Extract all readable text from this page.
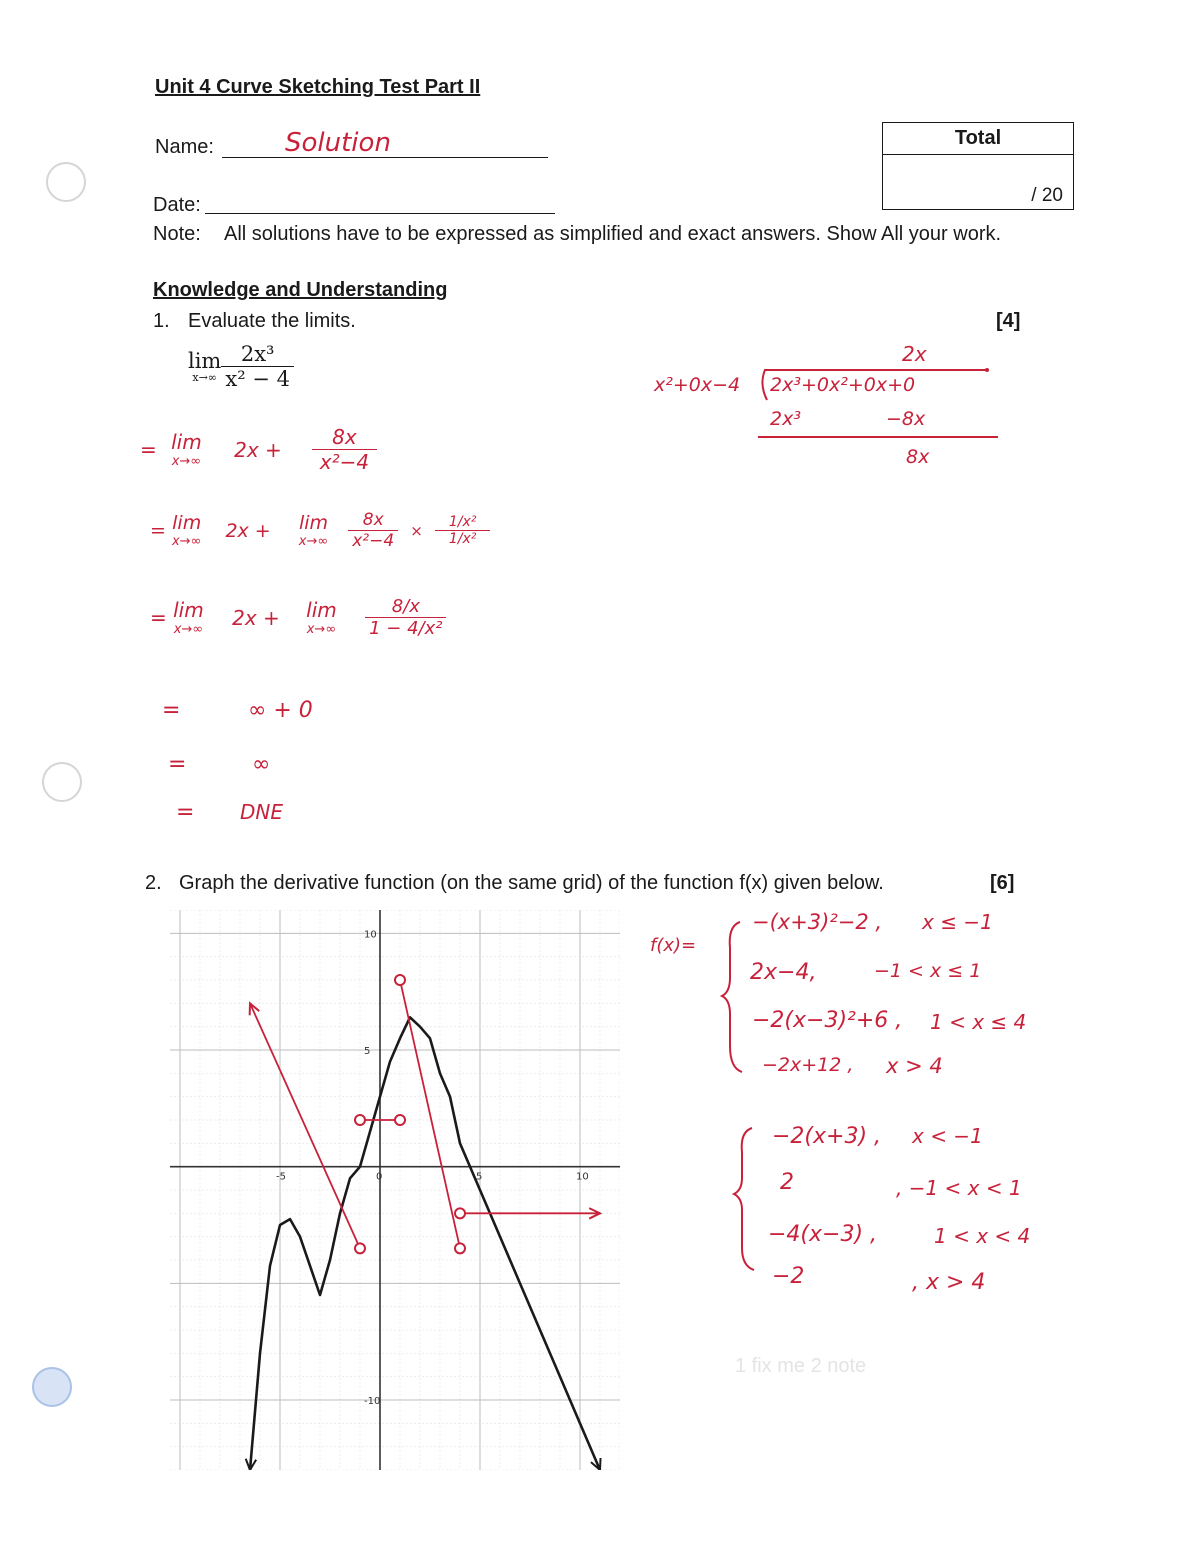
Unit 4 Curve Sketching Test Part II
Name:	Solution
Date:
Note: All solutions have to be expressed as simplified and exact answers. Show All your work.
Total
/ 20
Knowledge and Understanding
1. Evaluate the limits.	[4]
lim
$x\to\infty \frac{\text{2x³}}{\text{x² − 4}}$
= lim
x→∞ $2x + \frac{8x}{\text{x²−4}}$
= lim
x→∞ 2x + lim
x→∞
$\frac{8x}{\text{x²−4}} \times \frac{\text{1/x²}}{\text{1/x²}}$
= lim
x→∞ 2x + lim
x→∞
$\frac{8/x}{\text{1 − 4/x²}}$
=	∞ + 0
=	∞
= DNE
2x
x²+0x−4 2x³+0x²+0x+0
2x³	−8x
8x
2. Graph the derivative function (on the same grid) of the function f(x) given below.	[6]
f(x)=
−(x+3)²−2 , x ≤ −1
2x−4,	−1 < x ≤ 1
−2(x−3)²+6 , 1 < x ≤ 4
−2x+12 , x > 4
−2(x+3) , x < −1
2	, −1 < x < 1
−4(x−3) ,	1 < x < 4
−2	, x > 4
1 fix me 2 note
-5	0	5	10
10
5
-10
